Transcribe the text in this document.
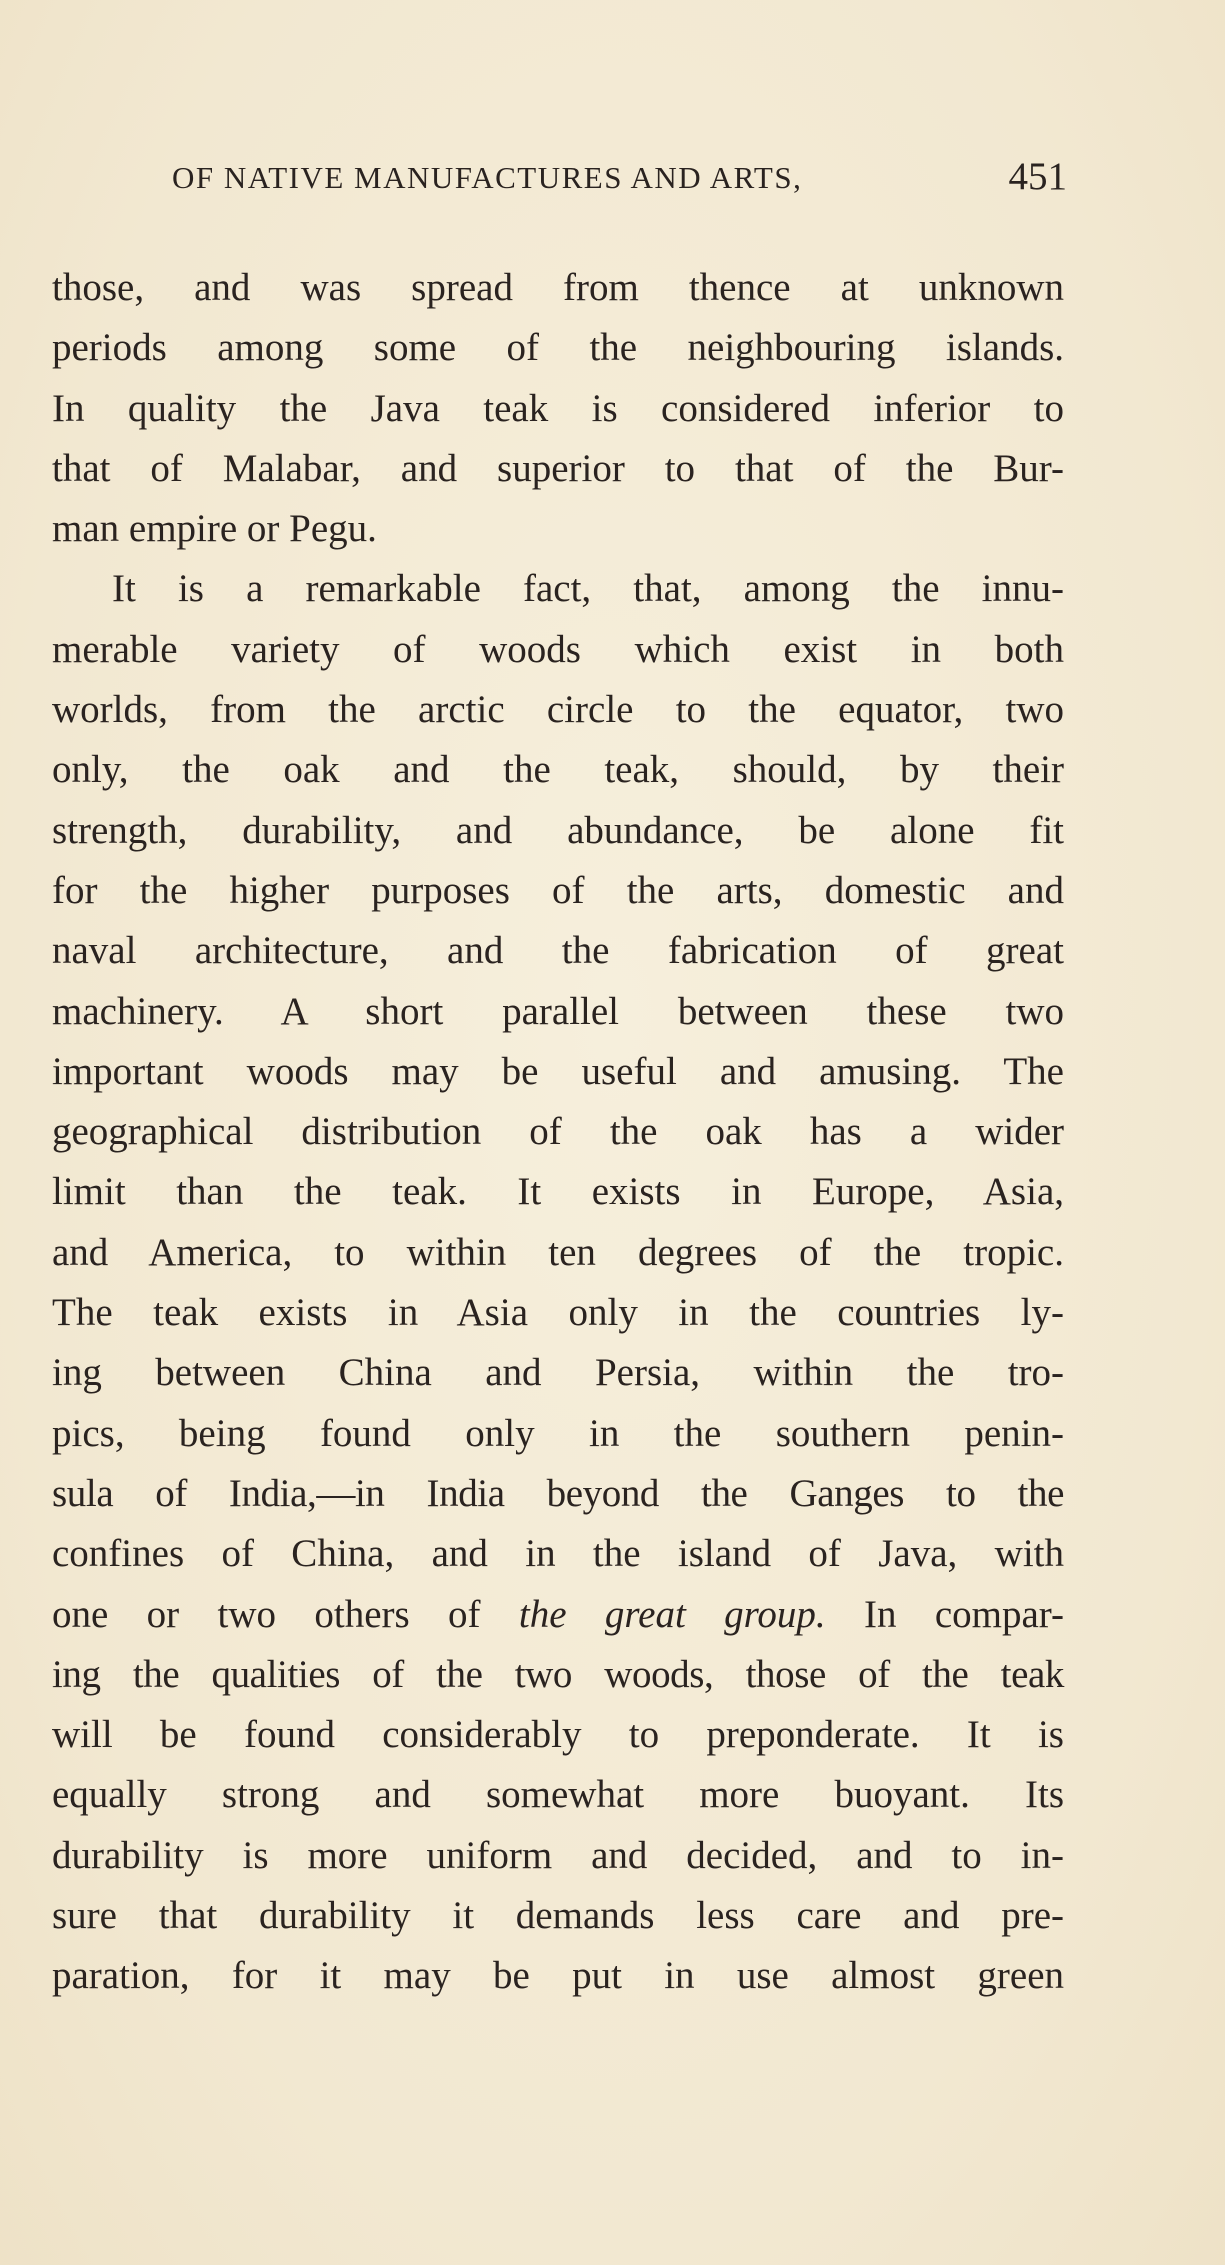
OF NATIVE MANUFACTURES AND ARTS,	451
those, and was spread from thence at unknown
periods among some of the neighbouring islands.
In quality the Java teak is considered inferior to
that of Malabar, and superior to that of the Bur-
man empire or Pegu.
It is a remarkable fact, that, among the innu-
merable variety of woods which exist in both
worlds, from the arctic circle to the equator, two
only, the oak and the teak, should, by their
strength, durability, and abundance, be alone fit
for the higher purposes of the arts, domestic and
naval architecture, and the fabrication of great
machinery. A short parallel between these two
important woods may be useful and amusing. The
geographical distribution of the oak has a wider
limit than the teak. It exists in Europe, Asia,
and America, to within ten degrees of the tropic.
The teak exists in Asia only in the countries ly-
ing between China and Persia, within the tro-
pics, being found only in the southern penin-
sula of India,—in India beyond the Ganges to the
confines of China, and in the island of Java, with
one or two others of the great group. In compar-
ing the qualities of the two woods, those of the teak
will be found considerably to preponderate. It is
equally strong and somewhat more buoyant. Its
durability is more uniform and decided, and to in-
sure that durability it demands less care and pre-
paration, for it may be put in use almost green
